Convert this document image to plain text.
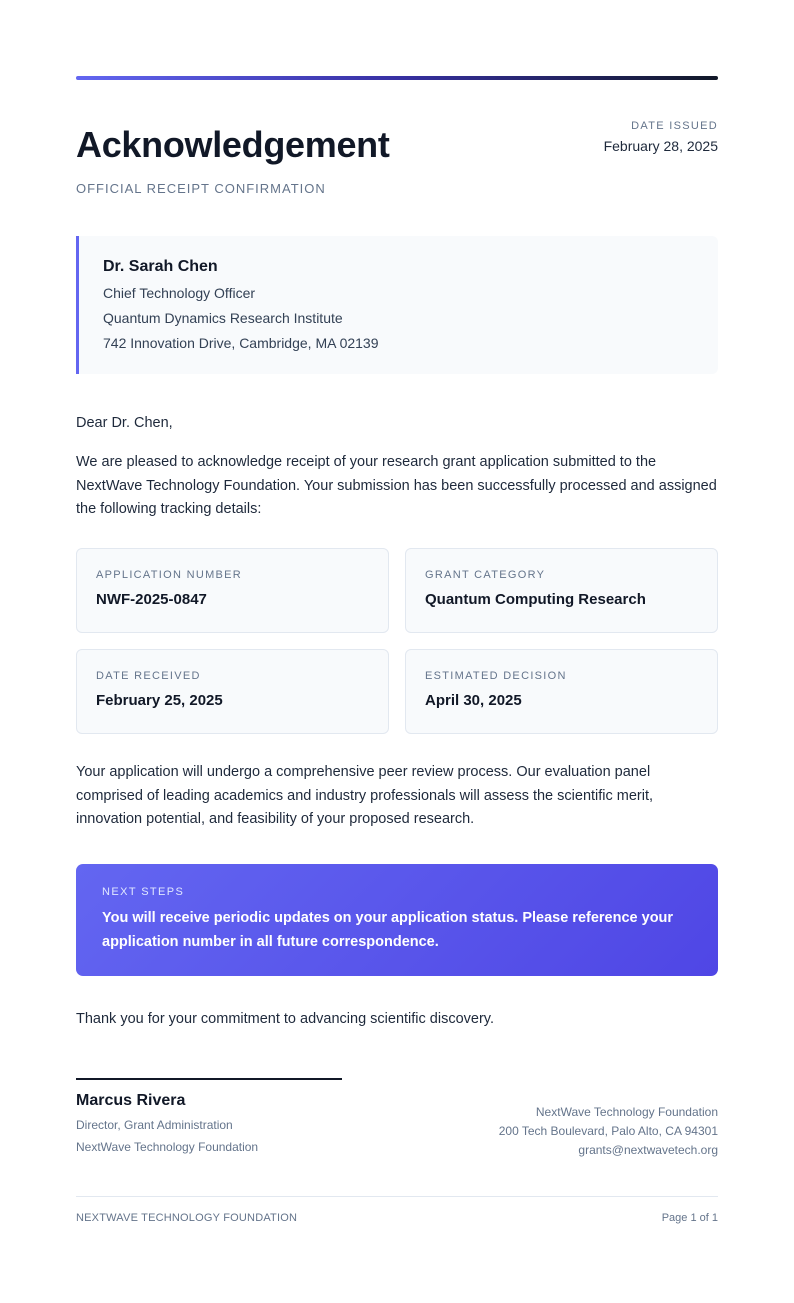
Acknowledgement
OFFICIAL RECEIPT CONFIRMATION
DATE ISSUED
February 28, 2025
Dr. Sarah Chen
Chief Technology Officer
Quantum Dynamics Research Institute
742 Innovation Drive, Cambridge, MA 02139
Dear Dr. Chen,
We are pleased to acknowledge receipt of your research grant application submitted to the NextWave Technology Foundation. Your submission has been successfully processed and assigned the following tracking details:
APPLICATION NUMBER
NWF-2025-0847
GRANT CATEGORY
Quantum Computing Research
DATE RECEIVED
February 25, 2025
ESTIMATED DECISION
April 30, 2025
Your application will undergo a comprehensive peer review process. Our evaluation panel comprised of leading academics and industry professionals will assess the scientific merit, innovation potential, and feasibility of your proposed research.
NEXT STEPS
You will receive periodic updates on your application status. Please reference your application number in all future correspondence.
Thank you for your commitment to advancing scientific discovery.
Marcus Rivera
Director, Grant Administration
NextWave Technology Foundation
NextWave Technology Foundation
200 Tech Boulevard, Palo Alto, CA 94301
grants@nextwavetech.org
NEXTWAVE TECHNOLOGY FOUNDATION	Page 1 of 1
